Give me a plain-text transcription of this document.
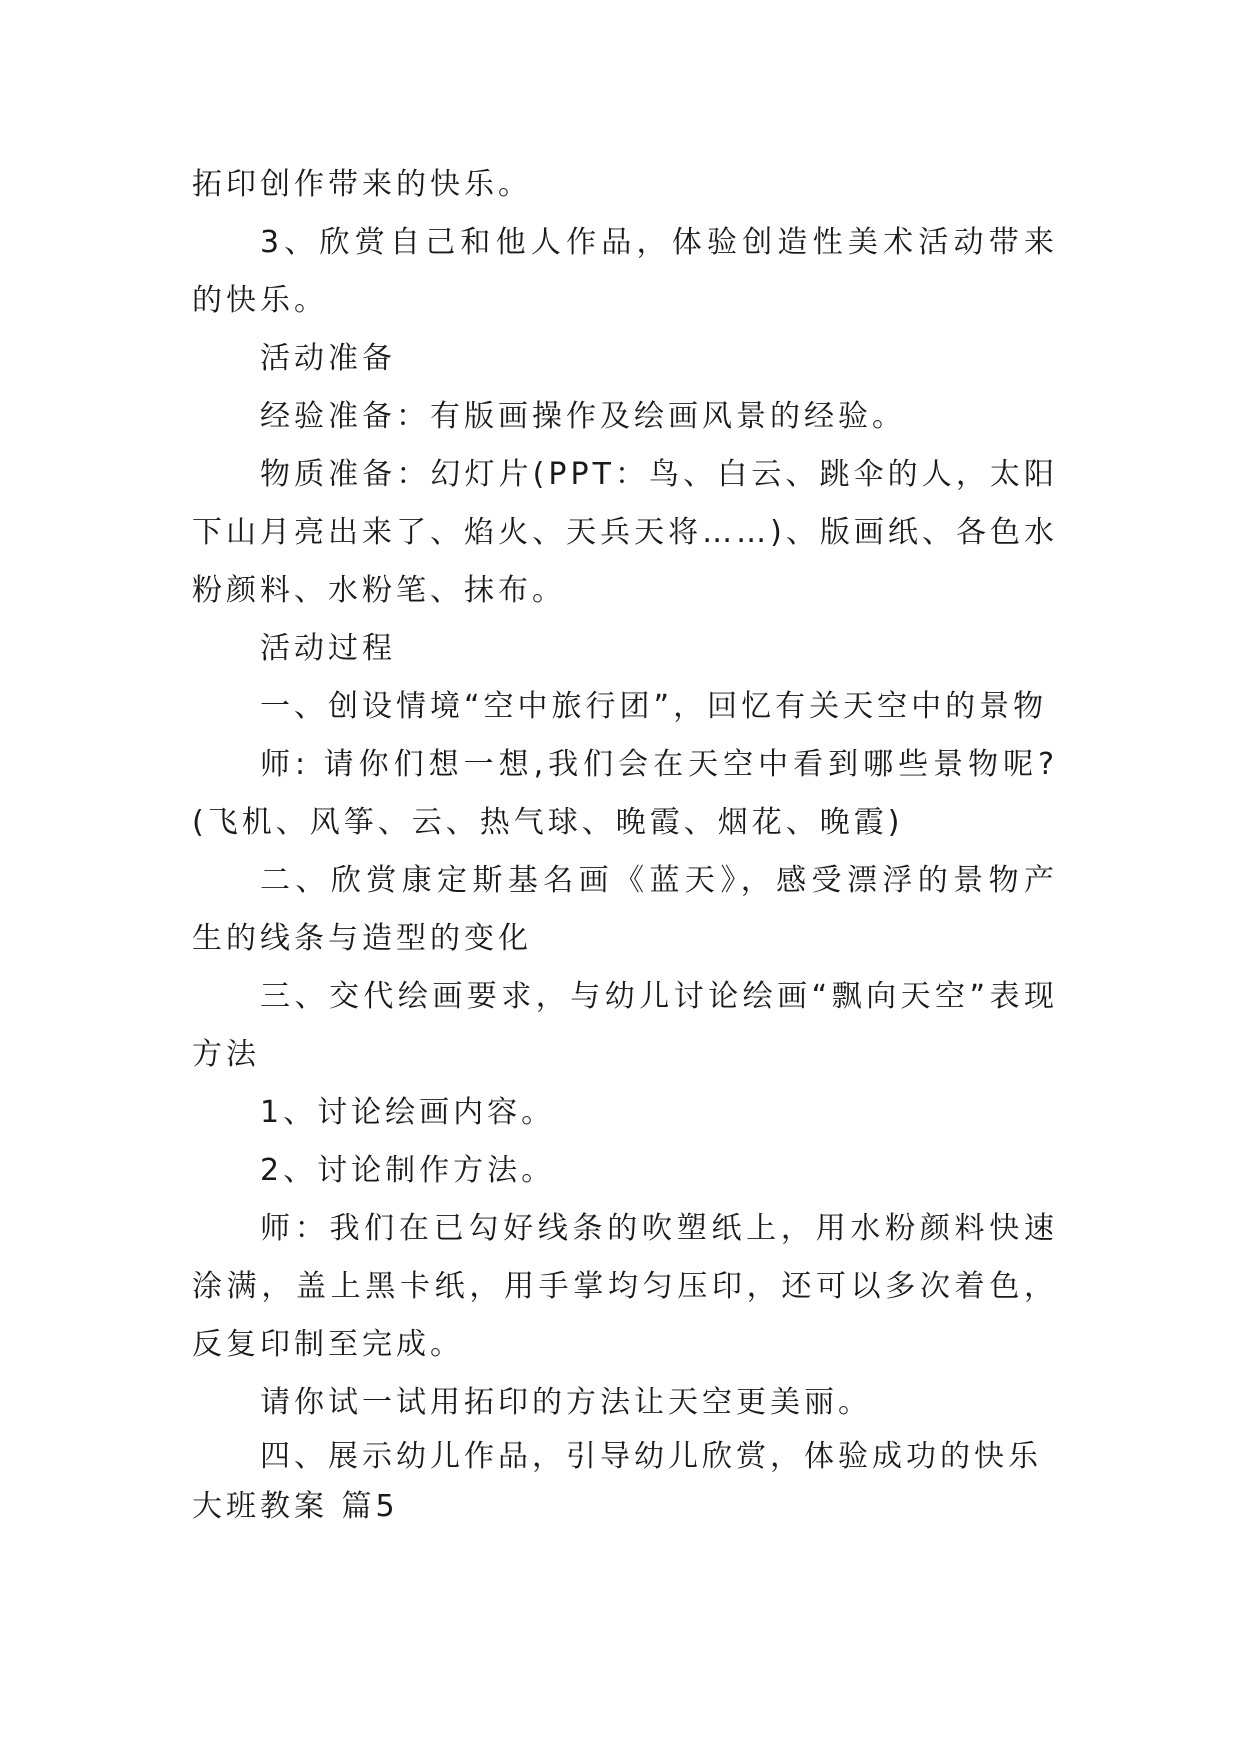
拓印创作带来的快乐。

3、欣赏自己和他人作品，体验创造性美术活动带来的快乐。

活动准备

经验准备：有版画操作及绘画风景的经验。

物质准备：幻灯片(PPT：鸟、白云、跳伞的人，太阳下山月亮出来了、焰火、天兵天将……)、版画纸、各色水粉颜料、水粉笔、抹布。

活动过程

一、创设情境“空中旅行团”，回忆有关天空中的景物

师: 请你们想一想,我们会在天空中看到哪些景物呢?(飞机、风筝、云、热气球、晚霞、烟花、晚霞)

二、欣赏康定斯基名画《蓝天》，感受漂浮的景物产生的线条与造型的变化

三、交代绘画要求，与幼儿讨论绘画“飘向天空”表现方法

1、讨论绘画内容。

2、讨论制作方法。

师：我们在已勾好线条的吹塑纸上，用水粉颜料快速涂满，盖上黑卡纸，用手掌均匀压印，还可以多次着色，反复印制至完成。

请你试一试用拓印的方法让天空更美丽。

四、展示幼儿作品，引导幼儿欣赏，体验成功的快乐

大班教案 篇5
